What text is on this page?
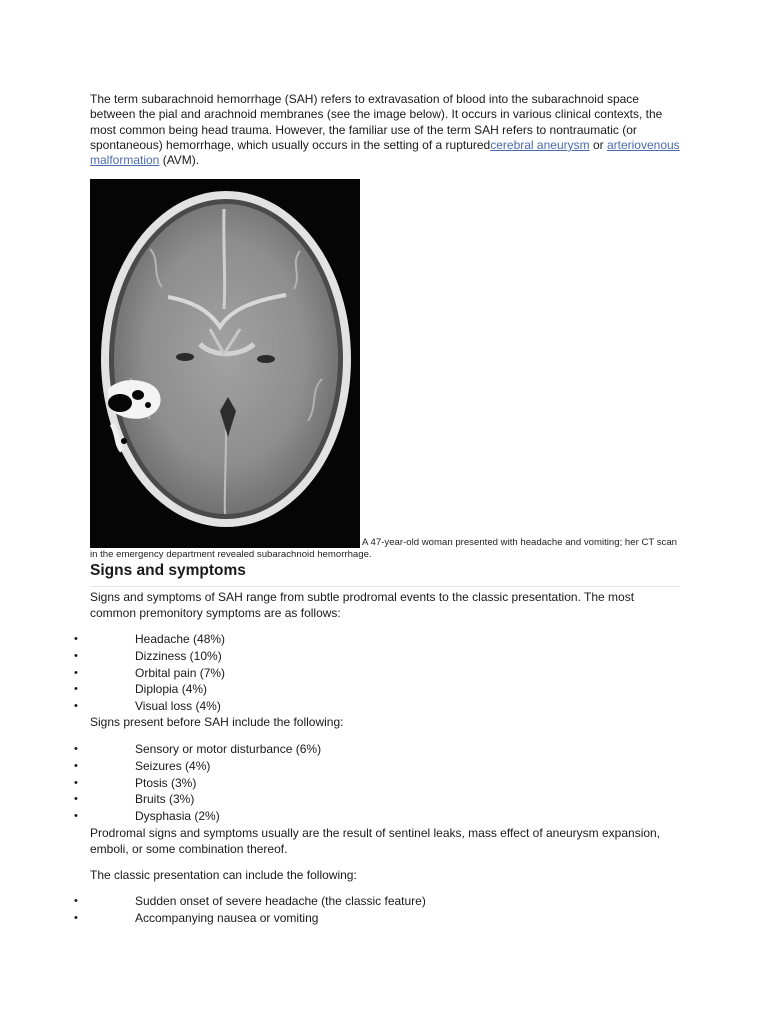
The term subarachnoid hemorrhage (SAH) refers to extravasation of blood into the subarachnoid space between the pial and arachnoid membranes (see the image below). It occurs in various clinical contexts, the most common being head trauma. However, the familiar use of the term SAH refers to nontraumatic (or spontaneous) hemorrhage, which usually occurs in the setting of a rupturedcerebral aneurysm or arteriovenous malformation (AVM).

A 47-year-old woman presented with headache and vomiting; her CT scan in the emergency department revealed subarachnoid hemorrhage.

Signs and symptoms

Signs and symptoms of SAH range from subtle prodromal events to the classic presentation. The most common premonitory symptoms are as follows:

•	Headache (48%)
•	Dizziness (10%)
•	Orbital pain (7%)
•	Diplopia (4%)
•	Visual loss (4%)

Signs present before SAH include the following:

•	Sensory or motor disturbance (6%)
•	Seizures (4%)
•	Ptosis (3%)
•	Bruits (3%)
•	Dysphasia (2%)

Prodromal signs and symptoms usually are the result of sentinel leaks, mass effect of aneurysm expansion, emboli, or some combination thereof.

The classic presentation can include the following:

•	Sudden onset of severe headache (the classic feature)
•	Accompanying nausea or vomiting
